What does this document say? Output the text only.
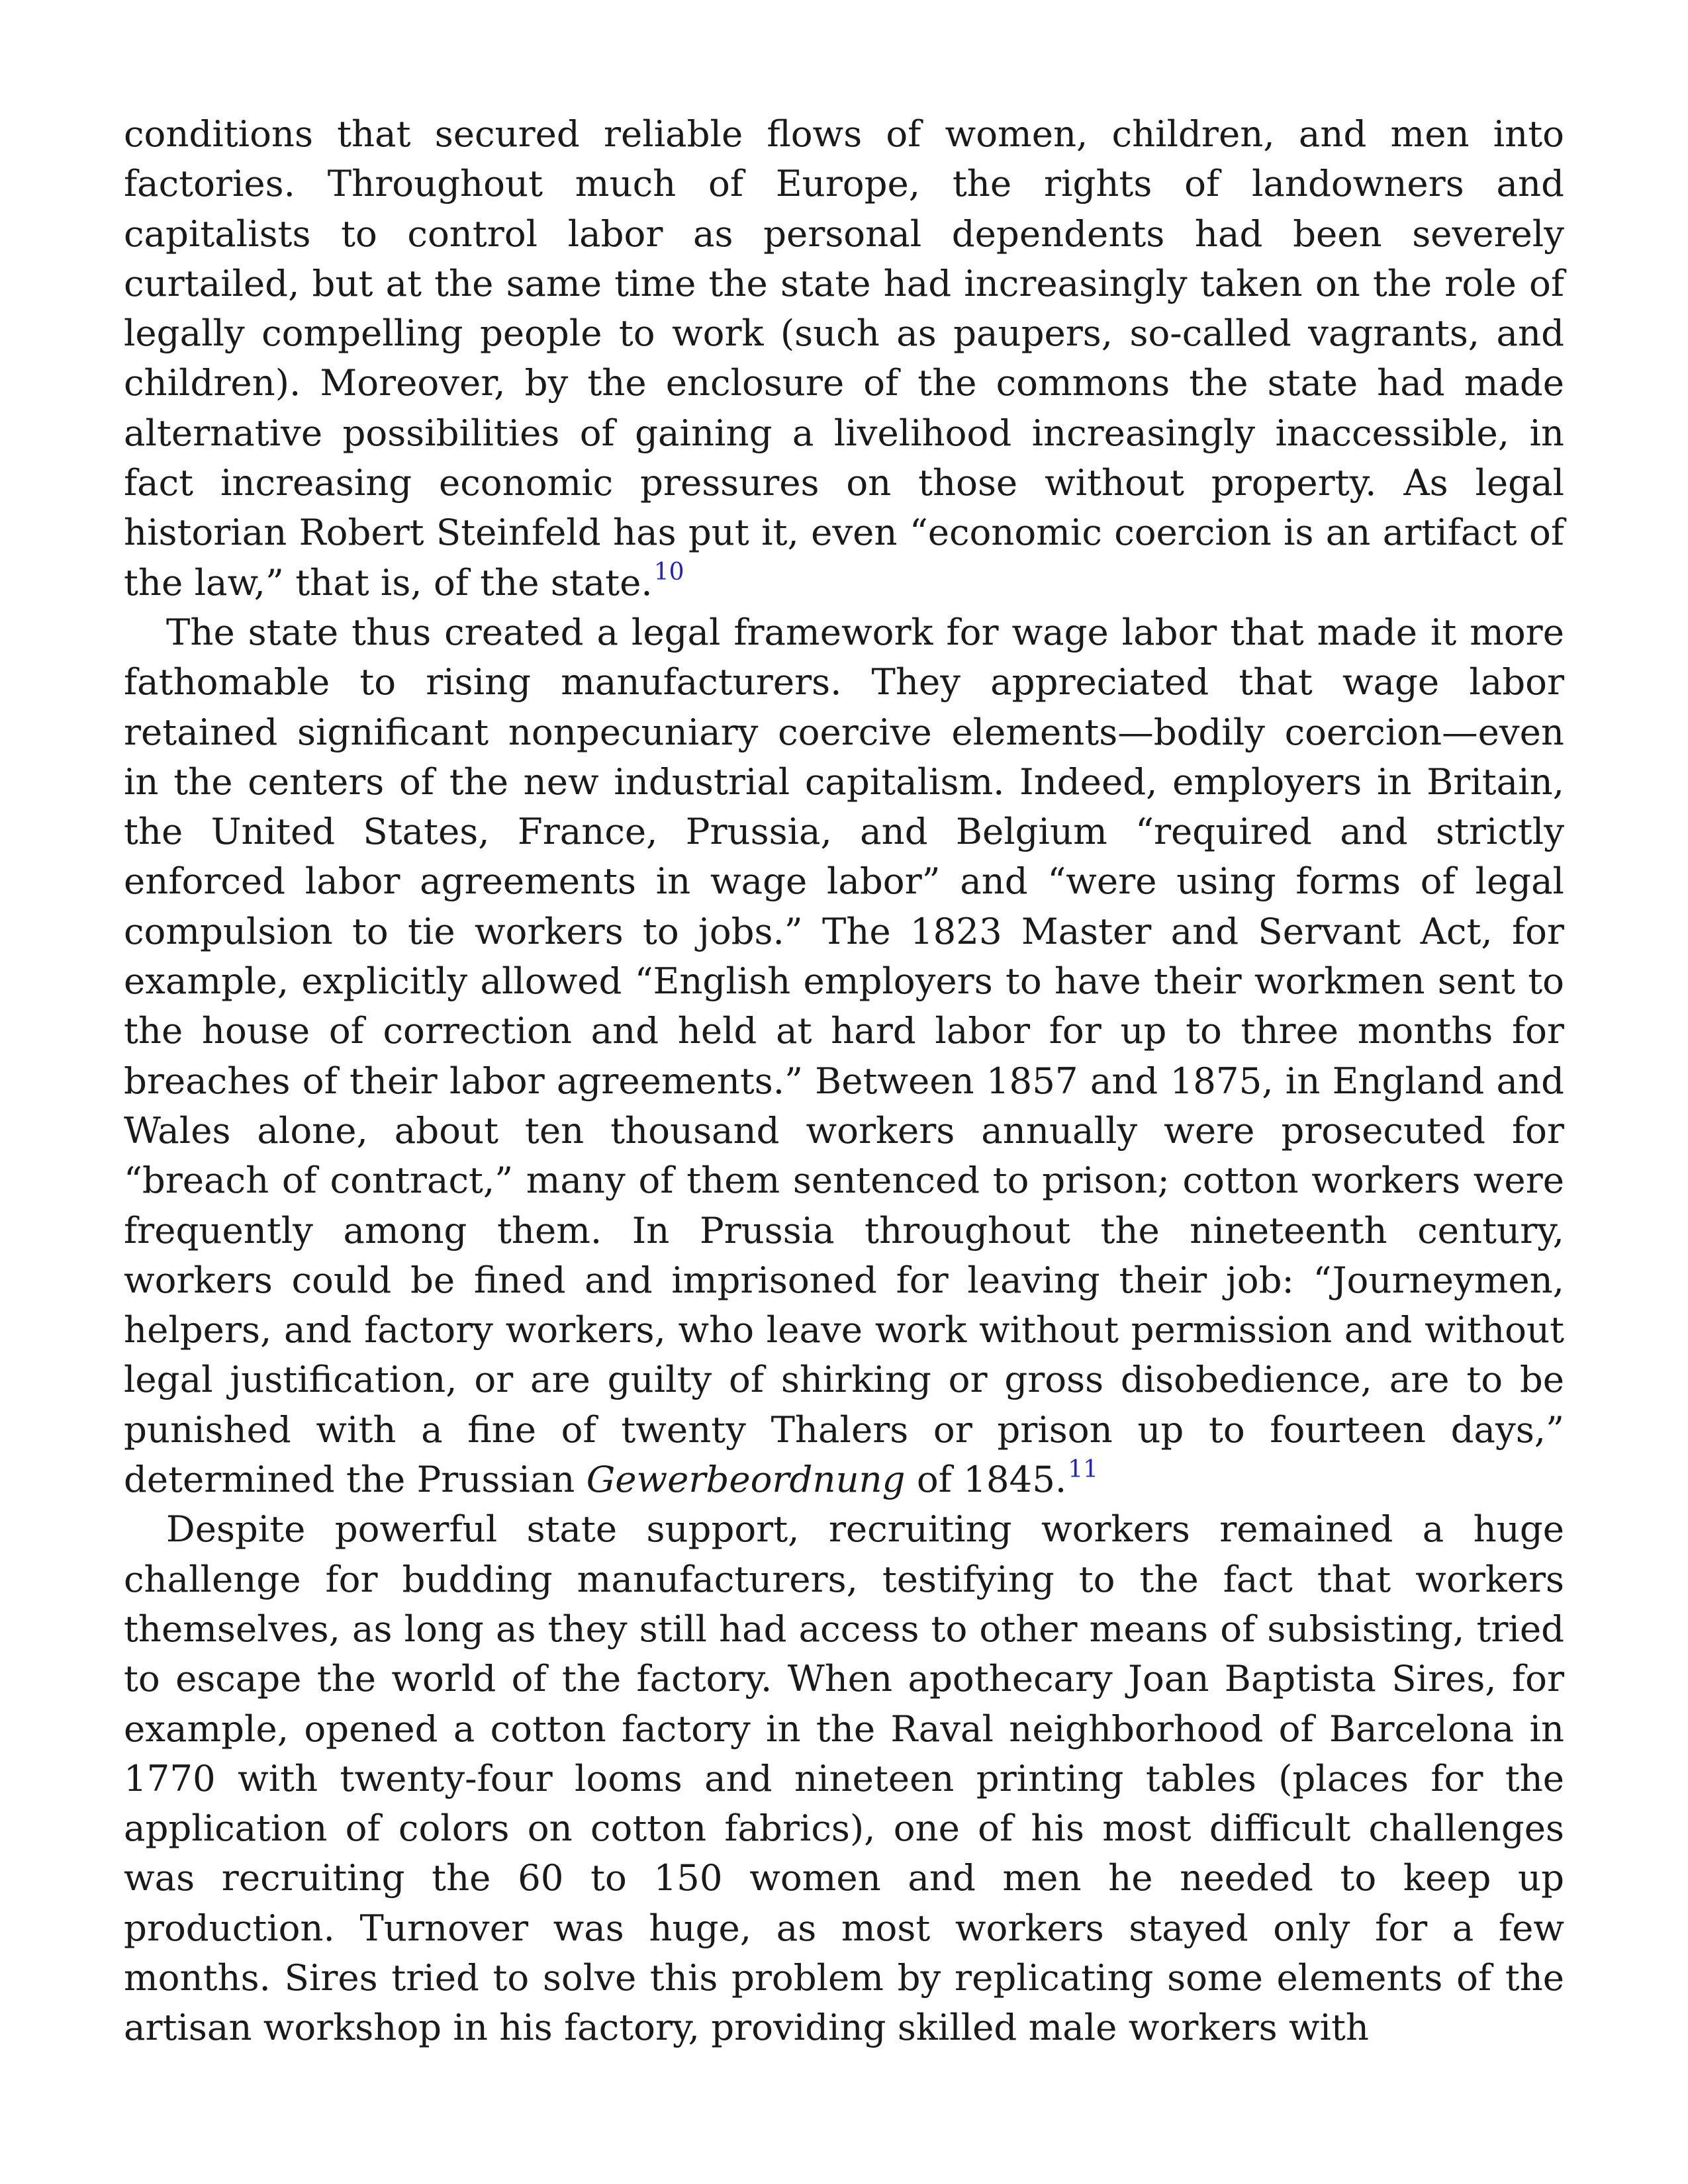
conditions that secured reliable flows of women, children, and men into factories. Throughout much of Europe, the rights of landowners and capitalists to control labor as personal dependents had been severely curtailed, but at the same time the state had increasingly taken on the role of legally compelling people to work (such as paupers, so-called vagrants, and children). Moreover, by the enclosure of the commons the state had made alternative possibilities of gaining a livelihood increasingly inaccessible, in fact increasing economic pressures on those without property. As legal historian Robert Steinfeld has put it, even “economic coercion is an artifact of the law,” that is, of the state.$^{10}$

The state thus created a legal framework for wage labor that made it more fathomable to rising manufacturers. They appreciated that wage labor retained significant nonpecuniary coercive elements—bodily coercion—even in the centers of the new industrial capitalism. Indeed, employers in Britain, the United States, France, Prussia, and Belgium “required and strictly enforced labor agreements in wage labor” and “were using forms of legal compulsion to tie workers to jobs.” The 1823 Master and Servant Act, for example, explicitly allowed “English employers to have their workmen sent to the house of correction and held at hard labor for up to three months for breaches of their labor agreements.” Between 1857 and 1875, in England and Wales alone, about ten thousand workers annually were prosecuted for “breach of contract,” many of them sentenced to prison; cotton workers were frequently among them. In Prussia throughout the nineteenth century, workers could be fined and imprisoned for leaving their job: “Journeymen, helpers, and factory workers, who leave work without permission and without legal justification, or are guilty of shirking or gross disobedience, are to be punished with a fine of twenty Thalers or prison up to fourteen days,” determined the Prussian Gewerbeordnung of 1845.11

Despite powerful state support, recruiting workers remained a huge challenge for budding manufacturers, testifying to the fact that workers themselves, as long as they still had access to other means of subsisting, tried to escape the world of the factory. When apothecary Joan Baptista Sires, for example, opened a cotton factory in the Raval neighborhood of Barcelona in 1770 with twenty-four looms and nineteen printing tables (places for the application of colors on cotton fabrics), one of his most difficult challenges was recruiting the 60 to 150 women and men he needed to keep up production. Turnover was huge, as most workers stayed only for a few months. Sires tried to solve this problem by replicating some elements of the artisan workshop in his factory, providing skilled male workers with
